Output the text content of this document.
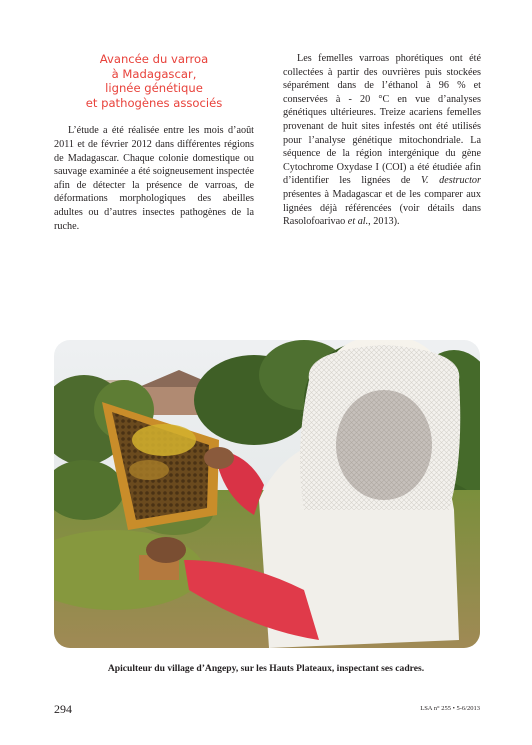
Avancée du varroa
à Madagascar,
lignée génétique
et pathogènes associés

L’étude a été réalisée entre les mois d’août 2011 et de février 2012 dans différentes régions de Madagascar. Chaque colonie domestique ou sauvage examinée a été soigneusement inspectée afin de détecter la présence de varroas, de déformations morphologiques des abeilles adultes ou d’autres insectes pathogènes de la ruche.

Les femelles varroas phorétiques ont été collectées à partir des ouvrières puis stockées séparément dans de l’éthanol à 96 % et conservées à - 20 °C en vue d’analyses génétiques ultérieures. Treize acariens femelles provenant de huit sites infestés ont été utilisés pour l’analyse génétique mitochondriale. La séquence de la région intergénique du gène Cytochrome Oxydase I (COI) a été étudiée afin d’identifier les lignées de V. destructor présentes à Madagascar et de les comparer aux lignées déjà référencées (voir détails dans Rasolofoarivao et al., 2013).

Apiculteur du village d’Angepy, sur les Hauts Plateaux, inspectant ses cadres.
294	LSA n° 255 • 5-6/2013
